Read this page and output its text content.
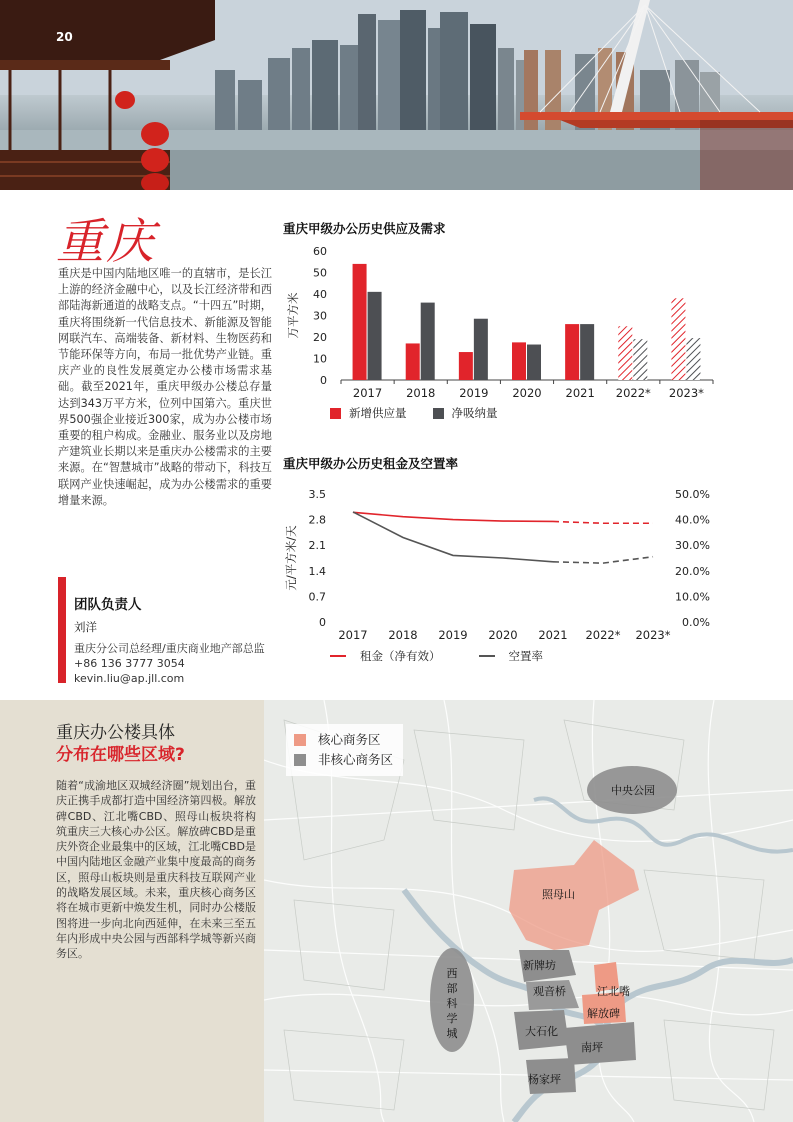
20
重庆
重庆是中国内陆地区唯一的直辖市，是长江上游的经济金融中心，以及长江经济带和西部陆海新通道的战略支点。“十四五”时期，重庆将围绕新一代信息技术、新能源及智能网联汽车、高端装备、新材料、生物医药和节能环保等方向，布局一批优势产业链。重庆产业的良性发展奠定办公楼市场需求基础。截至2021年，重庆甲级办公楼总存量达到343万平方米，位列中国第六。重庆世界500强企业接近300家，成为办公楼市场重要的租户构成。金融业、服务业以及房地产建筑业长期以来是重庆办公楼需求的主要来源。在“智慧城市”战略的带动下，科技互联网产业快速崛起，成为办公楼需求的重要增量来源。
团队负责人
刘洋
重庆分公司总经理/重庆商业地产部总监
+86 136 3777 3054
kevin.liu@ap.jll.com
重庆甲级办公历史供应及需求
万平方米
0
10
20
30
40
50
60
2017 2018 2019 2020 2021 2022* 2023*
新增供应量	净吸纳量
重庆甲级办公历史租金及空置率
元/平方米/天
0
0.7
1.4
2.1
2.8
3.5
0.0%
10.0%
20.0%
30.0%
40.0%
50.0%
2017 2018 2019 2020 2021 2022* 2023*
租金（净有效）	空置率
重庆办公楼具体
分布在哪些区域?
随着“成渝地区双城经济圈”规划出台，重庆正携手成都打造中国经济第四极。解放碑CBD、江北嘴CBD、照母山板块将构筑重庆三大核心办公区。解放碑CBD是重庆外资企业最集中的区域，江北嘴CBD是中国内陆地区金融产业集中度最高的商务区，照母山板块则是重庆科技互联网产业的战略发展区域。未来，重庆核心商务区将在城市更新中焕发生机，同时办公楼版图将进一步向北向西延伸，在未来三至五年内形成中央公园与西部科学城等新兴商务区。
核心商务区
非核心商务区
中央公园
照母山
新牌坊
观音桥	江北嘴
解放碑
大石化
南坪
杨家坪
西部科学城
